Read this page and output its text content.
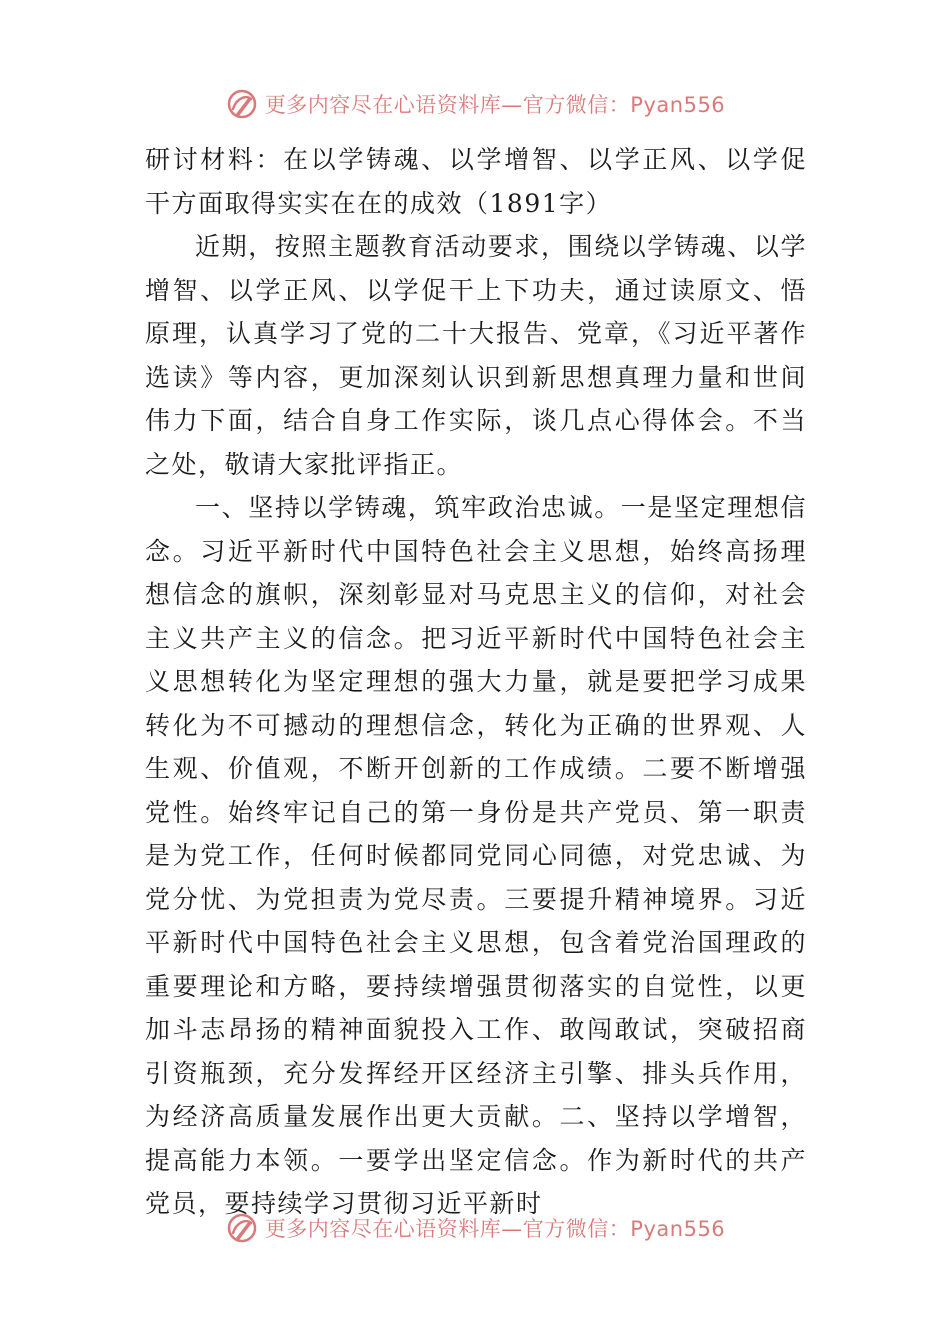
更多内容尽在心语资料库—官方微信：Pyan556

研讨材料：在以学铸魂、以学增智、以学正风、以学促干方面取得实实在在的成效（1891字）

近期，按照主题教育活动要求，围绕以学铸魂、以学增智、以学正风、以学促干上下功夫，通过读原文、悟原理，认真学习了党的二十大报告、党章，《习近平著作选读》等内容，更加深刻认识到新思想真理力量和世间伟力下面，结合自身工作实际，谈几点心得体会。不当之处，敬请大家批评指正。

一、坚持以学铸魂，筑牢政治忠诚。一是坚定理想信念。习近平新时代中国特色社会主义思想，始终高扬理想信念的旗帜，深刻彰显对马克思主义的信仰，对社会主义共产主义的信念。把习近平新时代中国特色社会主义思想转化为坚定理想的强大力量，就是要把学习成果转化为不可撼动的理想信念，转化为正确的世界观、人生观、价值观，不断开创新的工作成绩。二要不断增强党性。始终牢记自己的第一身份是共产党员、第一职责是为党工作，任何时候都同党同心同德，对党忠诚、为党分忧、为党担责为党尽责。三要提升精神境界。习近平新时代中国特色社会主义思想，包含着党治国理政的重要理论和方略，要持续增强贯彻落实的自觉性，以更加斗志昂扬的精神面貌投入工作、敢闯敢试，突破招商引资瓶颈，充分发挥经开区经济主引擎、排头兵作用，为经济高质量发展作出更大贡献。二、坚持以学增智，提高能力本领。一要学出坚定信念。作为新时代的共产党员，要持续学习贯彻习近平新时

更多内容尽在心语资料库—官方微信：Pyan556
